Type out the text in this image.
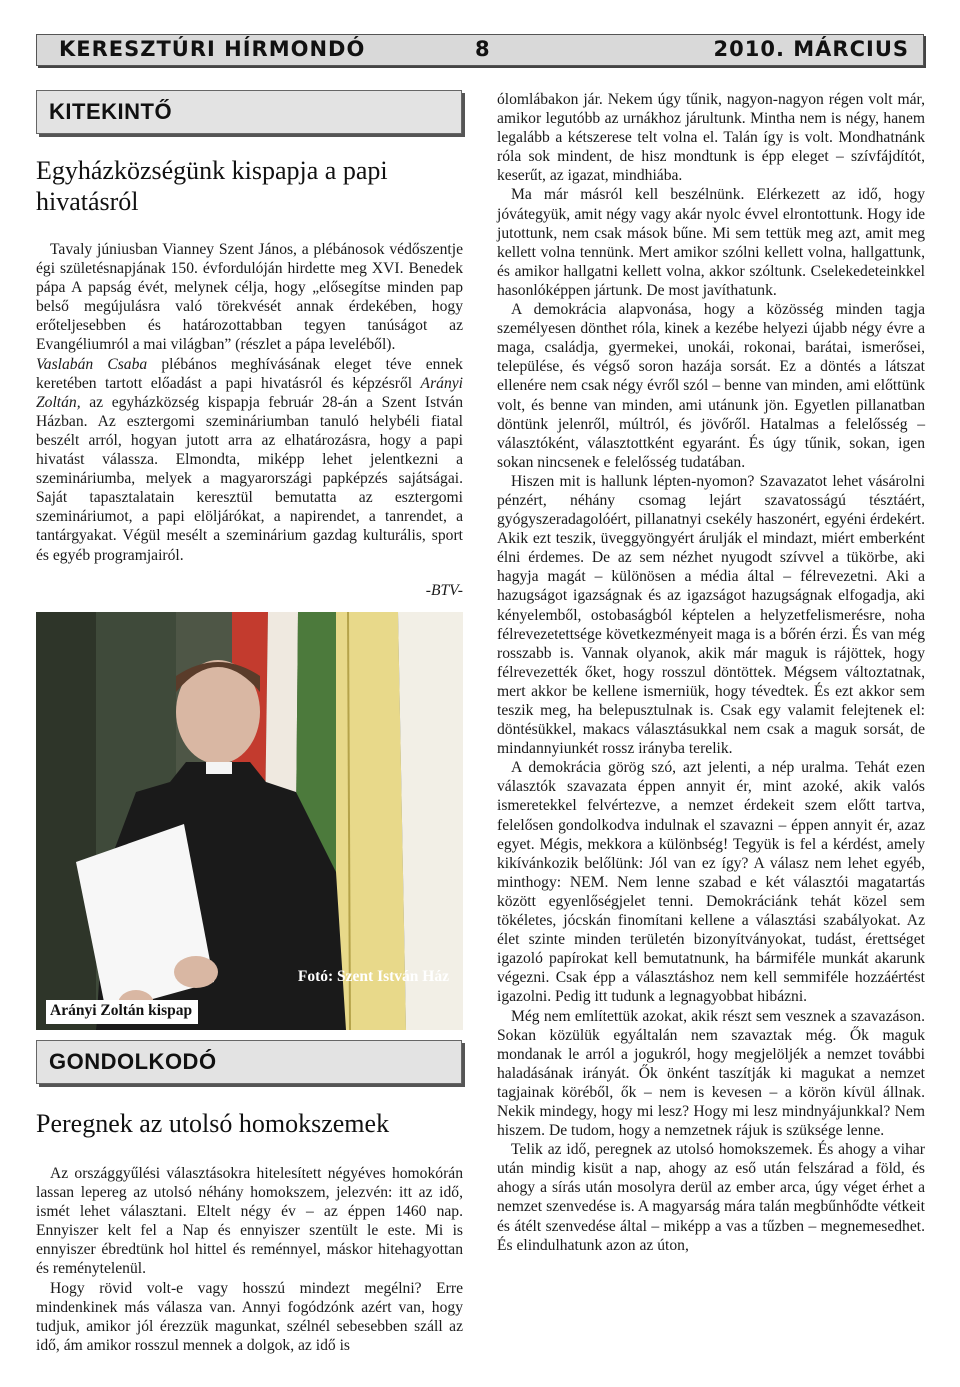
KERESZTÚRI HÍRMONDÓ	8	2010. MÁRCIUS
KITEKINTŐ
Egyházközségünk kispapja a papi hivatásról

Tavaly júniusban Vianney Szent János, a plébánosok védőszentje égi születésnapjának 150. évfordulóján hirdette meg XVI. Benedek pápa A papság évét, melynek célja, hogy „elősegítse minden pap belső megújulásra való törekvését annak érdekében, hogy erőteljesebben és határozottabban tegyen tanúságot az Evangéliumról a mai világban” (részlet a pápa leveléből).

Vaslabán Csaba plébános meghívásának eleget téve ennek keretében tartott előadást a papi hivatásról és képzésről Arányi Zoltán, az egyházközség kispapja február 28-án a Szent István Házban. Az esztergomi szemináriumban tanuló helybéli fiatal beszélt arról, hogyan jutott arra az elhatározásra, hogy a papi hivatást válassza. Elmondta, miképp lehet jelentkezni a szemináriumba, melyek a magyarországi papképzés sajátságai. Saját tapasztalatain keresztül bemutatta az esztergomi szemináriumot, a papi elöljárókat, a napirendet, a tanrendet, a tantárgyakat. Végül mesélt a szeminárium gazdag kulturális, sport és egyéb programjairól.

-BTV-
Fotó: Szent István Ház
Arányi Zoltán kispap
GONDOLKODÓ
Peregnek az utolsó homokszemek

Az országgyűlési választásokra hitelesített négyéves homokórán lassan lepereg az utolsó néhány homokszem, jelezvén: itt az idő, ismét lehet választani. Eltelt négy év – az éppen 1460 nap. Ennyiszer kelt fel a Nap és ennyiszer szentült le este. Mi is ennyiszer ébredtünk hol hittel és reménnyel, máskor hitehagyottan és reménytelenül.

Hogy rövid volt-e vagy hosszú mindezt megélni? Erre mindenkinek más válasza van. Annyi fogódzónk azért van, hogy tudjuk, amikor jól érezzük magunkat, szélnél sebesebben száll az idő, ám amikor rosszul mennek a dolgok, az idő is

ólomlábakon jár. Nekem úgy tűnik, nagyon-nagyon régen volt már, amikor legutóbb az urnákhoz járultunk. Mintha nem is négy, hanem legalább a kétszerese telt volna el. Talán így is volt. Mondhatnánk róla sok mindent, de hisz mondtunk is épp eleget – szívfájdítót, keserűt, az igazat, mindhiába.

Ma már másról kell beszélnünk. Elérkezett az idő, hogy jóvátegyük, amit négy vagy akár nyolc évvel elrontottunk. Hogy ide jutottunk, nem csak mások bűne. Mi sem tettük meg azt, amit meg kellett volna tennünk. Mert amikor szólni kellett volna, hallgattunk, és amikor hallgatni kellett volna, akkor szóltunk. Cselekedeteinkkel hasonlóképpen jártunk. De most javíthatunk.

A demokrácia alapvonása, hogy a közösség minden tagja személyesen dönthet róla, kinek a kezébe helyezi újabb négy évre a maga, családja, gyermekei, unokái, rokonai, barátai, ismerősei, települése, és végső soron hazája sorsát. Ez a döntés a látszat ellenére nem csak négy évről szól – benne van minden, ami előttünk volt, és benne van minden, ami utánunk jön. Egyetlen pillanatban döntünk jelenről, múltról, és jövőről. Hatalmas a felelősség – választóként, választottként egyaránt. És úgy tűnik, sokan, igen sokan nincsenek e felelősség tudatában.

Hiszen mit is hallunk lépten-nyomon? Szavazatot lehet vásárolni pénzért, néhány csomag lejárt szavatosságú tésztáért, gyógyszeradagolóért, pillanatnyi csekély haszonért, egyéni érdekért. Akik ezt teszik, üveggyöngyért árulják el mindazt, miért emberként élni érdemes. De az sem nézhet nyugodt szívvel a tükörbe, aki hagyja magát – különösen a média által – félrevezetni. Aki a hazugságot igazságnak és az igazságot hazugságnak elfogadja, aki kényelemből, ostobaságból képtelen a helyzetfelismerésre, noha félrevezetettsége következményeit maga is a bőrén érzi. És van még rosszabb is. Vannak olyanok, akik már maguk is rájöttek, hogy félrevezették őket, hogy rosszul döntöttek. Mégsem változtatnak, mert akkor be kellene ismerniük, hogy tévedtek. És ezt akkor sem teszik meg, ha belepusztulnak is. Csak egy valamit felejtenek el: döntésükkel, makacs választásukkal nem csak a maguk sorsát, de mindannyiunkét rossz irányba terelik.

A demokrácia görög szó, azt jelenti, a nép uralma. Tehát ezen választók szavazata éppen annyit ér, mint azoké, akik valós ismeretekkel felvértezve, a nemzet érdekeit szem előtt tartva, felelősen gondolkodva indulnak el szavazni – éppen annyit ér, azaz egyet. Mégis, mekkora a különbség! Tegyük is fel a kérdést, amely kikívánkozik belőlünk: Jól van ez így? A válasz nem lehet egyéb, minthogy: NEM. Nem lenne szabad e két választói magatartás között egyenlőségjelet tenni. Demokráciánk tehát közel sem tökéletes, jócskán finomítani kellene a választási szabályokat. Az élet szinte minden területén bizonyítványokat, tudást, érettséget igazoló papírokat kell bemutatnunk, ha bármiféle munkát akarunk végezni. Csak épp a választáshoz nem kell semmiféle hozzáértést igazolni. Pedig itt tudunk a legnagyobbat hibázni.

Még nem említettük azokat, akik részt sem vesznek a szavazáson. Sokan közülük egyáltalán nem szavaztak még. Ők maguk mondanak le arról a jogukról, hogy megjelöljék a nemzet további haladásának irányát. Ők önként taszítják ki magukat a nemzet tagjainak köréből, ők – nem is kevesen – a körön kívül állnak. Nekik mindegy, hogy mi lesz? Hogy mi lesz mindnyájunkkal? Nem hiszem. De tudom, hogy a nemzetnek rájuk is szüksége lenne.

Telik az idő, peregnek az utolsó homokszemek. És ahogy a vihar után mindig kisüt a nap, ahogy az eső után felszárad a föld, és ahogy a sírás után mosolyra derül az ember arca, úgy véget érhet a nemzet szenvedése is. A magyarság mára talán megbűnhődte vétkeit és átélt szenvedése által – miképp a vas a tűzben – megnemesedhet. És elindulhatunk azon az úton,
